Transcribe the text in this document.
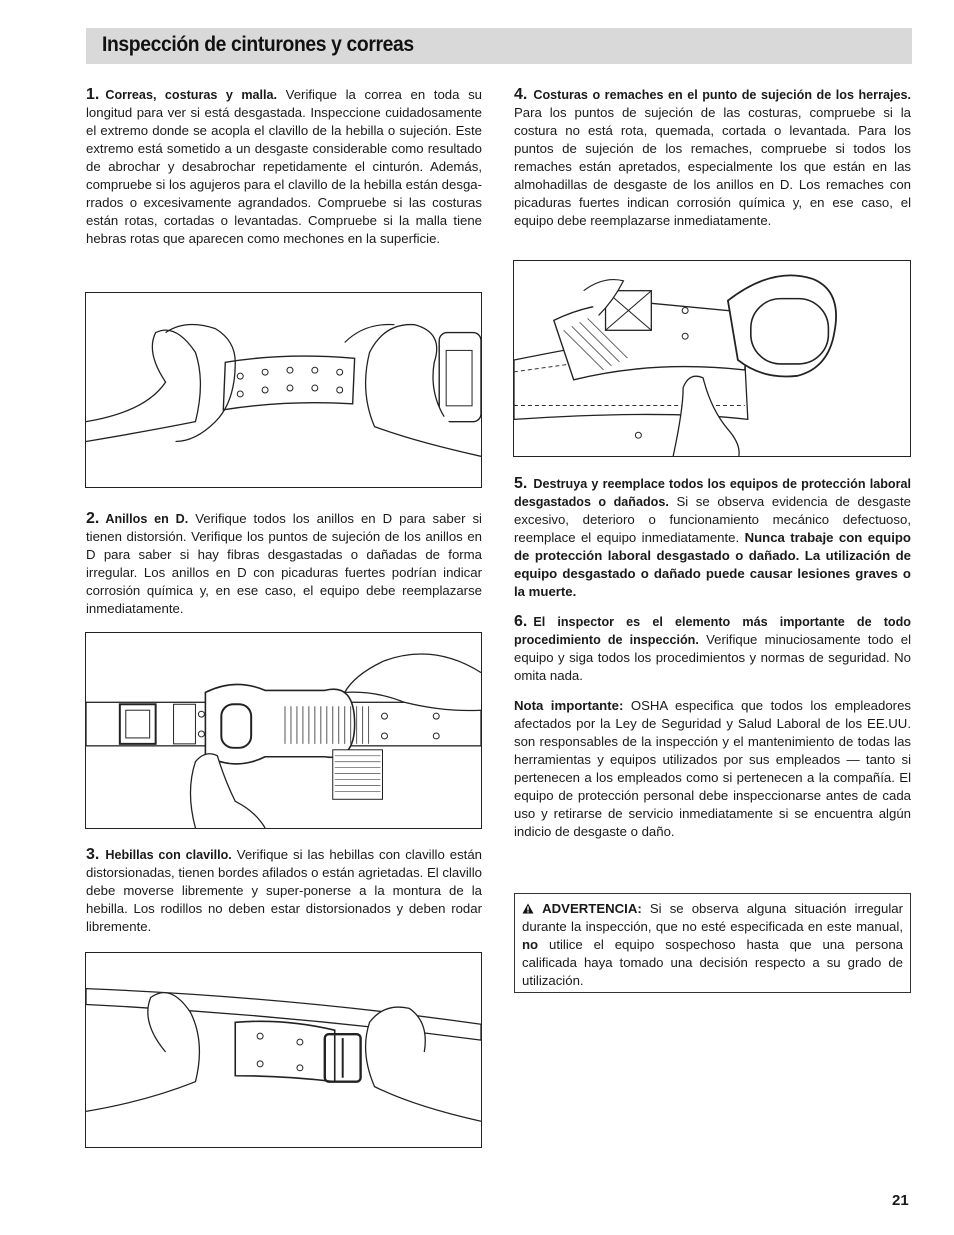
Inspección de cinturones y correas

1. Correas, costuras y malla. Verifique la correa en toda su longitud para ver si está desgastada. Inspeccione cuidadosamente el extremo donde se acopla el clavillo de la hebilla o sujeción. Este extremo está sometido a un desgaste considerable como resultado de abrochar y desabrochar repetidamente el cinturón. Además, compruebe si los agujeros para el clavillo de la hebilla están desga-rrados o excesivamente agrandados. Compruebe si las costuras están rotas, cortadas o levantadas. Compruebe si la malla tiene hebras rotas que aparecen como mechones en la superficie.

2. Anillos en D. Verifique todos los anillos en D para saber si tienen distorsión. Verifique los puntos de sujeción de los anillos en D para saber si hay fibras desgastadas o dañadas de forma irregular. Los anillos en D con picaduras fuertes podrían indicar corrosión química y, en ese caso, el equipo debe reemplazarse inmediatamente.

3. Hebillas con clavillo. Verifique si las hebillas con clavillo están distorsionadas, tienen bordes afilados o están agrietadas. El clavillo debe moverse libremente y super-ponerse a la montura de la hebilla. Los rodillos no deben estar distorsionados y deben rodar libremente.

4. Costuras o remaches en el punto de sujeción de los herrajes. Para los puntos de sujeción de las costuras, compruebe si la costura no está rota, quemada, cortada o levantada. Para los puntos de sujeción de los remaches, compruebe si todos los remaches están apretados, especialmente los que están en las almohadillas de desgaste de los anillos en D. Los remaches con picaduras fuertes indican corrosión química y, en ese caso, el equipo debe reemplazarse inmediatamente.

5. Destruya y reemplace todos los equipos de protección laboral desgastados o dañados. Si se observa evidencia de desgaste excesivo, deterioro o funcionamiento mecánico defectuoso, reemplace el equipo inmediatamente. Nunca trabaje con equipo de protección laboral desgastado o dañado. La utilización de equipo desgastado o dañado puede causar lesiones graves o la muerte.

6. El inspector es el elemento más importante de todo procedimiento de inspección. Verifique minuciosamente todo el equipo y siga todos los procedimientos y normas de seguridad. No omita nada.

Nota importante: OSHA especifica que todos los empleadores afectados por la Ley de Seguridad y Salud Laboral de los EE.UU. son responsables de la inspección y el mantenimiento de todas las herramientas y equipos utilizados por sus empleados — tanto si pertenecen a los empleados como si pertenecen a la compañía. El equipo de protección personal debe inspeccionarse antes de cada uso y retirarse de servicio inmediatamente si se encuentra algún indicio de desgaste o daño.

ADVERTENCIA: Si se observa alguna situación irregular durante la inspección, que no esté especificada en este manual, no utilice el equipo sospechoso hasta que una persona calificada haya tomado una decisión respecto a su grado de utilización.

21
